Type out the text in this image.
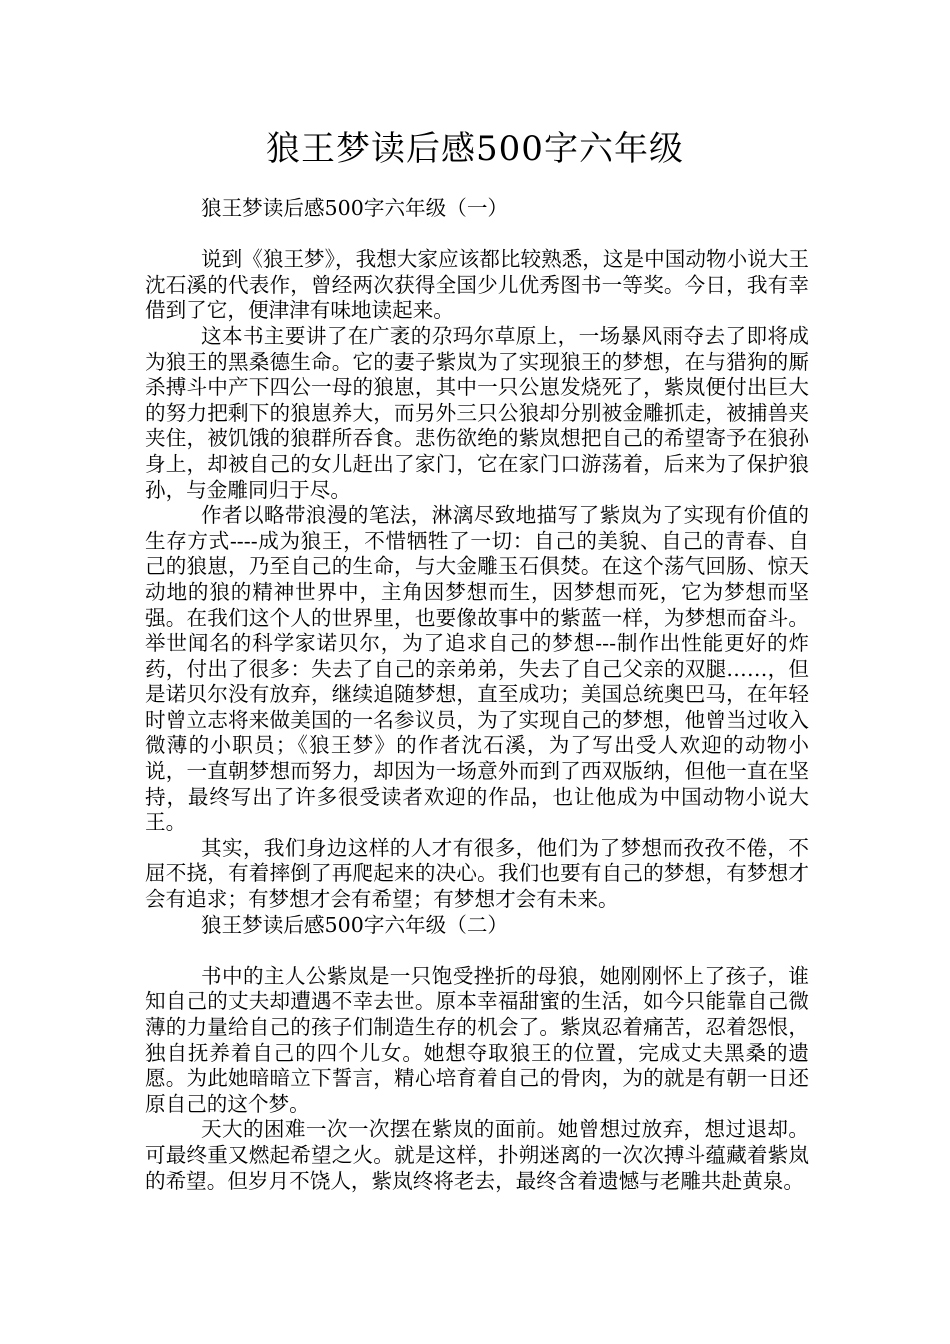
狼王梦读后感500字六年级

狼王梦读后感500字六年级（一）

说到《狼王梦》，我想大家应该都比较熟悉，这是中国动物小说大王沈石溪的代表作，曾经两次获得全国少儿优秀图书一等奖。今日，我有幸借到了它，便津津有味地读起来。

这本书主要讲了在广袤的尕玛尔草原上，一场暴风雨夺去了即将成为狼王的黑桑德生命。它的妻子紫岚为了实现狼王的梦想，在与猎狗的厮杀搏斗中产下四公一母的狼崽，其中一只公崽发烧死了，紫岚便付出巨大的努力把剩下的狼崽养大，而另外三只公狼却分别被金雕抓走，被捕兽夹夹住，被饥饿的狼群所吞食。悲伤欲绝的紫岚想把自己的希望寄予在狼孙身上，却被自己的女儿赶出了家门，它在家门口游荡着，后来为了保护狼孙，与金雕同归于尽。

作者以略带浪漫的笔法，淋漓尽致地描写了紫岚为了实现有价值的生存方式----成为狼王，不惜牺牲了一切：自己的美貌、自己的青春、自己的狼崽，乃至自己的生命，与大金雕玉石俱焚。在这个荡气回肠、惊天动地的狼的精神世界中，主角因梦想而生，因梦想而死，它为梦想而坚强。在我们这个人的世界里，也要像故事中的紫蓝一样，为梦想而奋斗。举世闻名的科学家诺贝尔，为了追求自己的梦想---制作出性能更好的炸药，付出了很多：失去了自己的亲弟弟，失去了自己父亲的双腿……，但是诺贝尔没有放弃，继续追随梦想，直至成功；美国总统奥巴马，在年轻时曾立志将来做美国的一名参议员，为了实现自己的梦想，他曾当过收入微薄的小职员；《狼王梦》的作者沈石溪，为了写出受人欢迎的动物小说，一直朝梦想而努力，却因为一场意外而到了西双版纳，但他一直在坚持，最终写出了许多很受读者欢迎的作品，也让他成为中国动物小说大王。

其实，我们身边这样的人才有很多，他们为了梦想而孜孜不倦，不屈不挠，有着摔倒了再爬起来的决心。我们也要有自己的梦想，有梦想才会有追求；有梦想才会有希望；有梦想才会有未来。

狼王梦读后感500字六年级（二）

书中的主人公紫岚是一只饱受挫折的母狼，她刚刚怀上了孩子，谁知自己的丈夫却遭遇不幸去世。原本幸福甜蜜的生活，如今只能靠自己微薄的力量给自己的孩子们制造生存的机会了。紫岚忍着痛苦，忍着怨恨，独自抚养着自己的四个儿女。她想夺取狼王的位置，完成丈夫黑桑的遗愿。为此她暗暗立下誓言，精心培育着自己的骨肉，为的就是有朝一日还原自己的这个梦。

天大的困难一次一次摆在紫岚的面前。她曾想过放弃，想过退却。可最终重又燃起希望之火。就是这样，扑朔迷离的一次次搏斗蕴藏着紫岚的希望。但岁月不饶人，紫岚终将老去，最终含着遗憾与老雕共赴黄泉。
